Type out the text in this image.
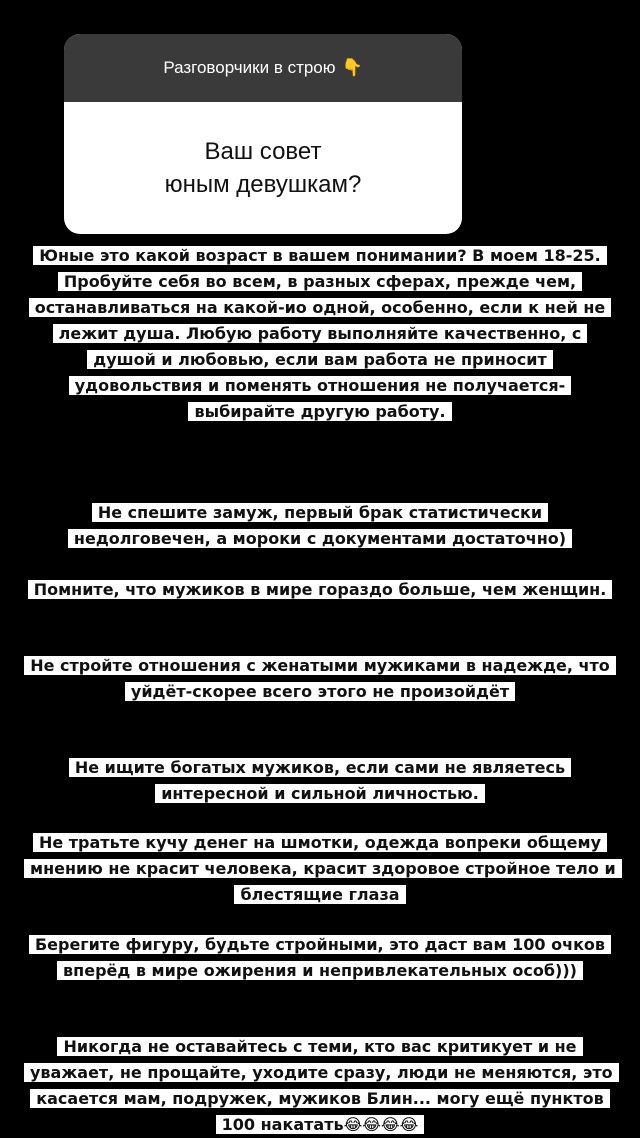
Разговорчики в строю 👇
Ваш совет
юным девушкам?
Юные это какой возраст в вашем понимании? В моем 18-25. Пробуйте себя во всем, в разных сферах, прежде чем, останавливаться на какой-ио одной, особенно, если к ней не лежит душа. Любую работу выполняйте качественно, с душой и любовью, если вам работа не приносит удовольствия и поменять отношения не получается-выбирайте другую работу.
Не спешите замуж, первый брак статистически недолговечен, а мороки с документами достаточно)
Помните, что мужиков в мире гораздо больше, чем женщин.
Не стройте отношения с женатыми мужиками в надежде, что уйдёт-скорее всего этого не произойдёт
Не ищите богатых мужиков, если сами не являетесь интересной и сильной личностью.
Не тратьте кучу денег на шмотки, одежда вопреки общему мнению не красит человека, красит здоровое стройное тело и блестящие глаза
Берегите фигуру, будьте стройными, это даст вам 100 очков вперёд в мире ожирения и непривлекательных особ)))
Никогда не оставайтесь с теми, кто вас критикует и не уважает, не прощайте, уходите сразу, люди не меняются, это касается мам, подружек, мужиков Блин... могу ещё пунктов 100 накатать😂😂😂😂
